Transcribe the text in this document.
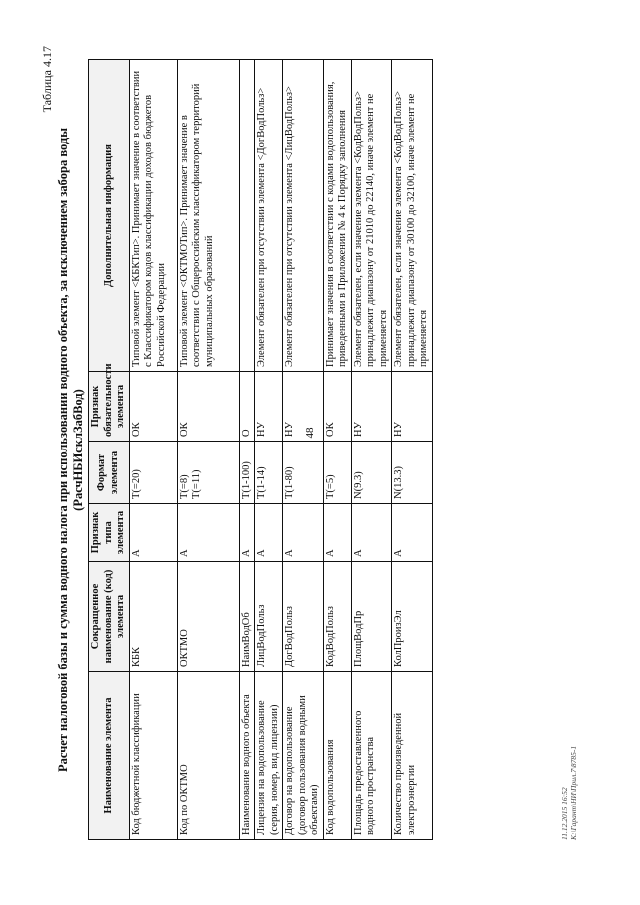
48
Таблица 4.17
Расчет налоговой базы и сумма водного налога при использовании водного объекта, за исключением забора воды (РасчНБИсклЗабВод)
Наименование элемента	Сокращенное наименование (код) элемента	Признак типа элемента	Формат элемента	Признак обязательности элемента	Дополнительная информация
Код бюджетной классификации	КБК	А	Т(=20)	ОК	Типовой элемент <КБКТип>. Принимает значение в соответствии с Классификатором кодов классификации доходов бюджетов Российской Федерации
Код по ОКТМО	ОКТМО	А	Т(=8) Т(=11)	ОК	Типовой элемент <ОКТМОТип>. Принимает значение в соответствии с Общероссийским классификатором территорий муниципальных образований
Наименование водного объекта	НаимВодОб	А	Т(1-100)	О	
Лицензия на водопользование (серия, номер, вид лицензии)	ЛицВодПольз	А	Т(1-14)	НУ	Элемент обязателен при отсутствии элемента <ДогВодПольз>
Договор на водопользование (договор пользования водными объектами)	ДогВодПольз	А	Т(1-80)	НУ	Элемент обязателен при отсутствии элемента <ЛицВодПольз>
Код водопользования	КодВодПольз	А	Т(=5)	ОК	Принимает значения в соответствии с кодами водопользования, приведенными в Приложении № 4 к Порядку заполнения
Площадь предоставленного водного пространства	ПлощВодПр	А	N(9.3)	НУ	Элемент обязателен, если значение элемента <КодВодПольз> принадлежит диапазону от 21010 до 22140, иначе элемент не применяется
Количество произведенной электроэнергии	КолПроизЭл	А	N(13.3)	НУ	Элемент обязателен, если значение элемента <КодВодПольз> принадлежит диапазону от 30100 до 32100, иначе элемент не применяется
11.12.2015 16:52 К:\Гарант\НИ\Прил.7\8785-1
